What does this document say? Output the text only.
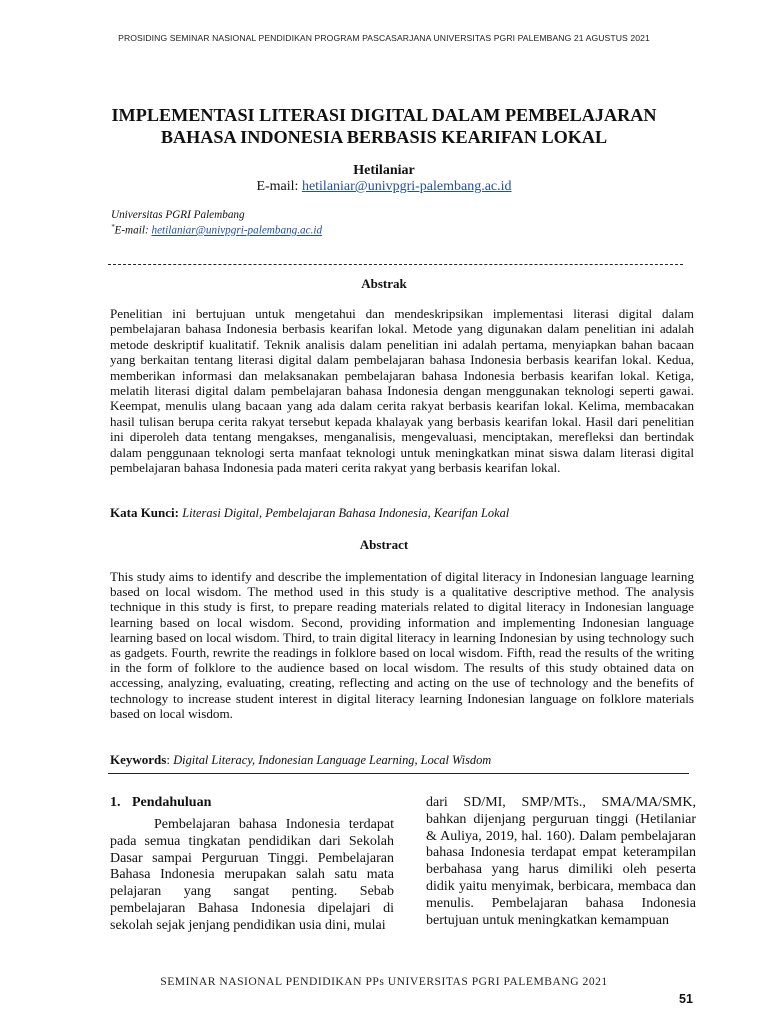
PROSIDING SEMINAR NASIONAL PENDIDIKAN PROGRAM PASCASARJANA UNIVERSITAS PGRI PALEMBANG 21 AGUSTUS 2021
IMPLEMENTASI LITERASI DIGITAL DALAM PEMBELAJARAN
BAHASA INDONESIA BERBASIS KEARIFAN LOKAL
Hetilaniar
E-mail: hetilaniar@univpgri-palembang.ac.id
Universitas PGRI Palembang
*E-mail: hetilaniar@univpgri-palembang.ac.id
Abstrak

Penelitian ini bertujuan untuk mengetahui dan mendeskripsikan implementasi literasi digital dalam pembelajaran bahasa Indonesia berbasis kearifan lokal. Metode yang digunakan dalam penelitian ini adalah metode deskriptif kualitatif. Teknik analisis dalam penelitian ini adalah pertama, menyiapkan bahan bacaan yang berkaitan tentang literasi digital dalam pembelajaran bahasa Indonesia berbasis kearifan lokal. Kedua, memberikan informasi dan melaksanakan pembelajaran bahasa Indonesia berbasis kearifan lokal. Ketiga, melatih literasi digital dalam pembelajaran bahasa Indonesia dengan menggunakan teknologi seperti gawai. Keempat, menulis ulang bacaan yang ada dalam cerita rakyat berbasis kearifan lokal. Kelima, membacakan hasil tulisan berupa cerita rakyat tersebut kepada khalayak yang berbasis kearifan lokal. Hasil dari penelitian ini diperoleh data tentang mengakses, menganalisis, mengevaluasi, menciptakan, merefleksi dan bertindak dalam penggunaan teknologi serta manfaat teknologi untuk meningkatkan minat siswa dalam literasi digital pembelajaran bahasa Indonesia pada materi cerita rakyat yang berbasis kearifan lokal.

Kata Kunci: Literasi Digital, Pembelajaran Bahasa Indonesia, Kearifan Lokal
Abstract

This study aims to identify and describe the implementation of digital literacy in Indonesian language learning based on local wisdom. The method used in this study is a qualitative descriptive method. The analysis technique in this study is first, to prepare reading materials related to digital literacy in Indonesian language learning based on local wisdom. Second, providing information and implementing Indonesian language learning based on local wisdom. Third, to train digital literacy in learning Indonesian by using technology such as gadgets. Fourth, rewrite the readings in folklore based on local wisdom. Fifth, read the results of the writing in the form of folklore to the audience based on local wisdom. The results of this study obtained data on accessing, analyzing, evaluating, creating, reflecting and acting on the use of technology and the benefits of technology to increase student interest in digital literacy learning Indonesian language on folklore materials based on local wisdom.

Keywords: Digital Literacy, Indonesian Language Learning, Local Wisdom
1. Pendahuluan

Pembelajaran bahasa Indonesia terdapat pada semua tingkatan pendidikan dari Sekolah Dasar sampai Perguruan Tinggi. Pembelajaran Bahasa Indonesia merupakan salah satu mata pelajaran yang sangat penting. Sebab pembelajaran Bahasa Indonesia dipelajari di sekolah sejak jenjang pendidikan usia dini, mulai

dari SD/MI, SMP/MTs., SMA/MA/SMK, bahkan dijenjang perguruan tinggi (Hetilaniar & Auliya, 2019, hal. 160). Dalam pembelajaran bahasa Indonesia terdapat empat keterampilan berbahasa yang harus dimiliki oleh peserta didik yaitu menyimak, berbicara, membaca dan menulis. Pembelajaran bahasa Indonesia bertujuan untuk meningkatkan kemampuan

SEMINAR NASIONAL PENDIDIKAN PPs UNIVERSITAS PGRI PALEMBANG 2021
51
